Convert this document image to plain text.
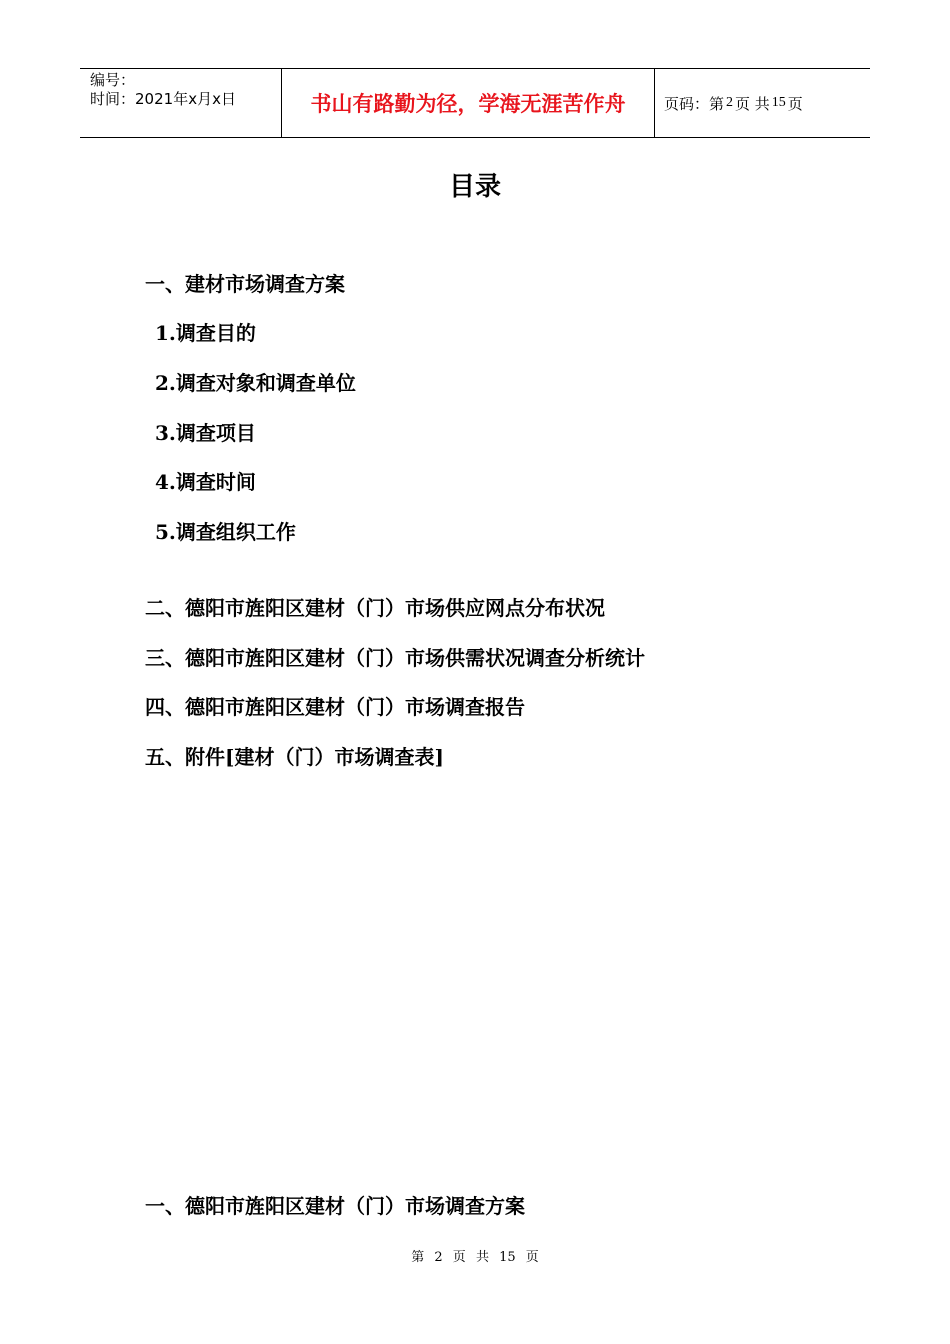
编号：
时间：2021年x月x日	书山有路勤为径，学海无涯苦作舟	页码：第 2 页 共 15 页
目录
一、建材市场调查方案
1.调查目的
2.调查对象和调查单位
3.调查项目
4.调查时间
5.调查组织工作
二、德阳市旌阳区建材（门）市场供应网点分布状况
三、德阳市旌阳区建材（门）市场供需状况调查分析统计
四、德阳市旌阳区建材（门）市场调查报告
五、附件[建材（门）市场调查表]
一、德阳市旌阳区建材（门）市场调查方案
第 2 页 共 15 页
